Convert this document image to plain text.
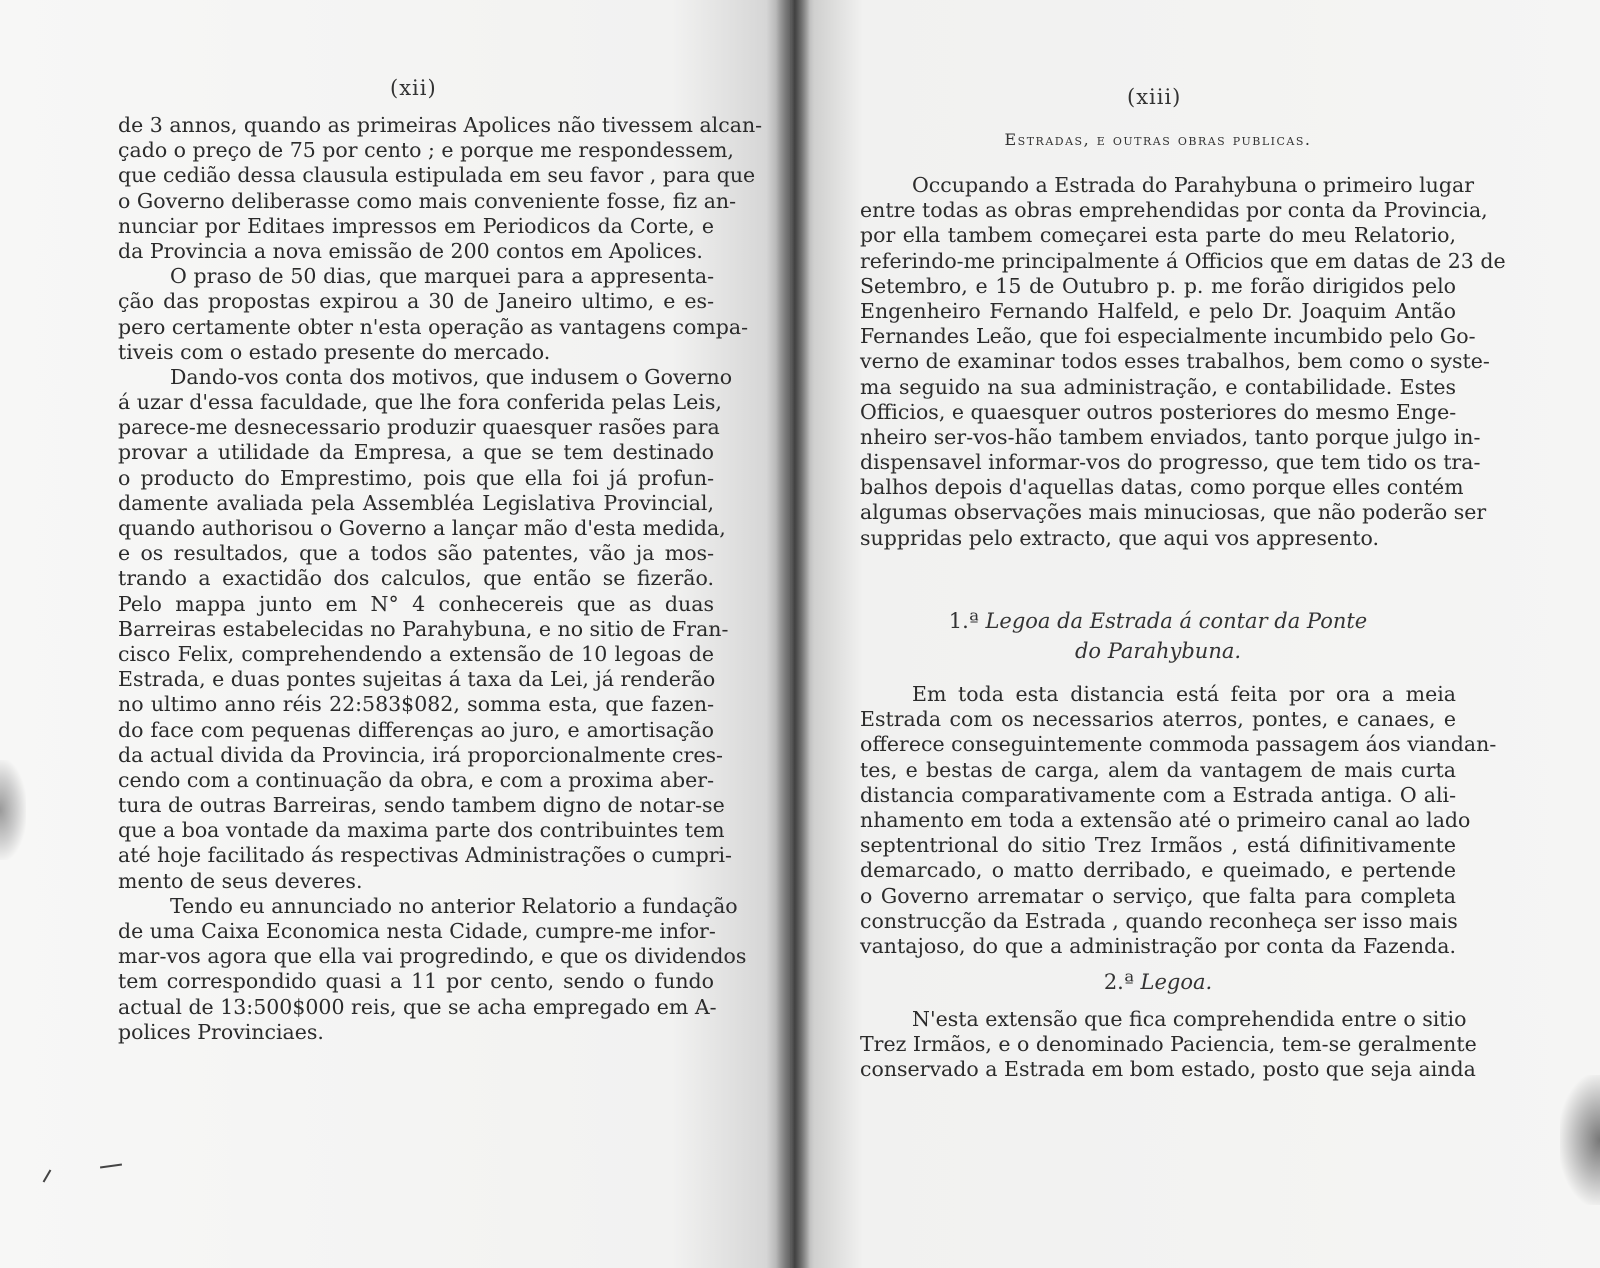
(xii)
de 3 annos, quando as primeiras Apolices não tivessem alcan-
çado o preço de 75 por cento ; e porque me respondessem,
que cedião dessa clausula estipulada em seu favor , para que
o Governo deliberasse como mais conveniente fosse, fiz an-
nunciar por Editaes impressos em Periodicos da Corte, e
da Provincia a nova emissão de 200 contos em Apolices.
O praso de 50 dias, que marquei para a appresenta-
ção das propostas expirou a 30 de Janeiro ultimo, e es-
pero certamente obter n'esta operação as vantagens compa-
tiveis com o estado presente do mercado.
Dando-vos conta dos motivos, que indusem o Governo
á uzar d'essa faculdade, que lhe fora conferida pelas Leis,
parece-me desnecessario produzir quaesquer rasões para
provar a utilidade da Empresa, a que se tem destinado
o producto do Emprestimo, pois que ella foi já profun-
damente avaliada pela Assembléa Legislativa Provincial,
quando authorisou o Governo a lançar mão d'esta medida,
e os resultados, que a todos são patentes, vão ja mos-
trando a exactidão dos calculos, que então se fizerão.
Pelo mappa junto em N° 4 conhecereis que as duas
Barreiras estabelecidas no Parahybuna, e no sitio de Fran-
cisco Felix, comprehendendo a extensão de 10 legoas de
Estrada, e duas pontes sujeitas á taxa da Lei, já renderão
no ultimo anno réis 22:583$082, somma esta, que fazen-
do face com pequenas differenças ao juro, e amortisação
da actual divida da Provincia, irá proporcionalmente cres-
cendo com a continuação da obra, e com a proxima aber-
tura de outras Barreiras, sendo tambem digno de notar-se
que a boa vontade da maxima parte dos contribuintes tem
até hoje facilitado ás respectivas Administrações o cumpri-
mento de seus deveres.
Tendo eu annunciado no anterior Relatorio a fundação
de uma Caixa Economica nesta Cidade, cumpre-me infor-
mar-vos agora que ella vai progredindo, e que os dividendos
tem correspondido quasi a 11 por cento, sendo o fundo
actual de 13:500$000 reis, que se acha empregado em A-
polices Provinciaes.
(xiii)
Estradas, e outras obras publicas.
Occupando a Estrada do Parahybuna o primeiro lugar
entre todas as obras emprehendidas por conta da Provincia,
por ella tambem começarei esta parte do meu Relatorio,
referindo-me principalmente á Officios que em datas de 23 de
Setembro, e 15 de Outubro p. p. me forão dirigidos pelo
Engenheiro Fernando Halfeld, e pelo Dr. Joaquim Antão
Fernandes Leão, que foi especialmente incumbido pelo Go-
verno de examinar todos esses trabalhos, bem como o syste-
ma seguido na sua administração, e contabilidade. Estes
Officios, e quaesquer outros posteriores do mesmo Enge-
nheiro ser-vos-hão tambem enviados, tanto porque julgo in-
dispensavel informar-vos do progresso, que tem tido os tra-
balhos depois d'aquellas datas, como porque elles contém
algumas observações mais minuciosas, que não poderão ser
suppridas pelo extracto, que aqui vos appresento.
1.ª Legoa da Estrada á contar da Ponte
do Parahybuna.
Em toda esta distancia está feita por ora a meia
Estrada com os necessarios aterros, pontes, e canaes, e
offerece conseguintemente commoda passagem áos viandan-
tes, e bestas de carga, alem da vantagem de mais curta
distancia comparativamente com a Estrada antiga. O ali-
nhamento em toda a extensão até o primeiro canal ao lado
septentrional do sitio Trez Irmãos , está difinitivamente
demarcado, o matto derribado, e queimado, e pertende
o Governo arrematar o serviço, que falta para completa
construcção da Estrada , quando reconheça ser isso mais
vantajoso, do que a administração por conta da Fazenda.
2.ª Legoa.
N'esta extensão que fica comprehendida entre o sitio
Trez Irmãos, e o denominado Paciencia, tem-se geralmente
conservado a Estrada em bom estado, posto que seja ainda
